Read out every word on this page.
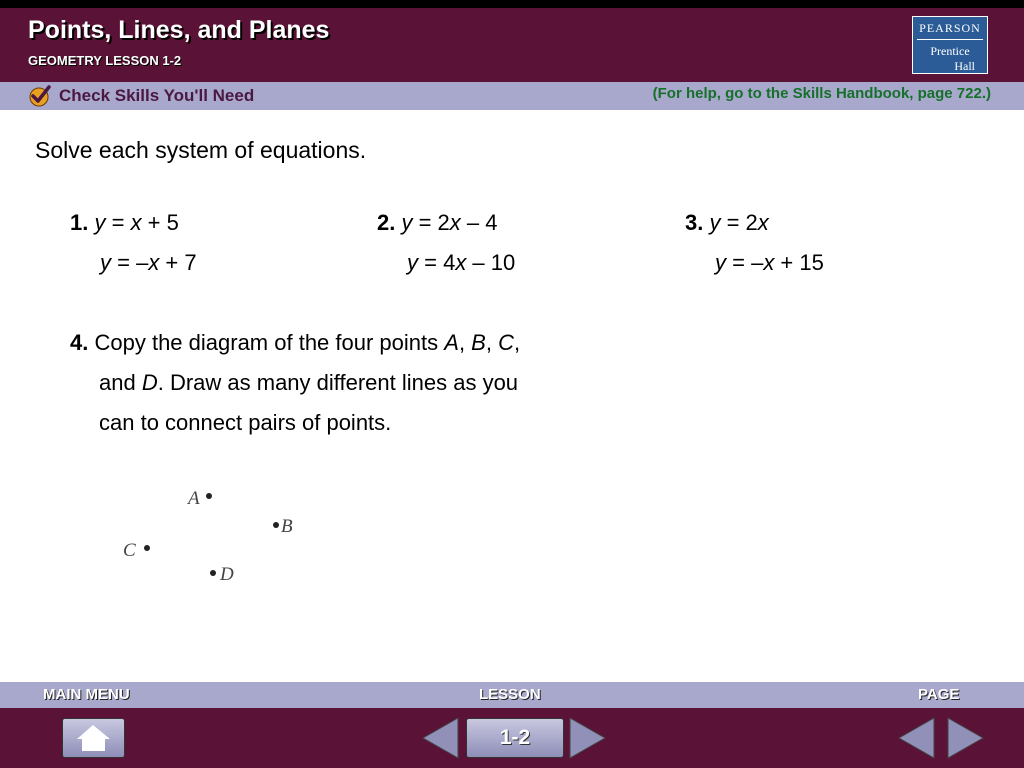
Points, Lines, and Planes
GEOMETRY LESSON 1-2
PEARSON
Prentice
Hall
Check Skills You'll Need	(For help, go to the Skills Handbook, page 722.)
Solve each system of equations.
1. y = x + 5
y = –x + 7
2. y = 2x – 4
y = 4x – 10
3. y = 2x
y = –x + 15
4. Copy the diagram of the four points A, B, C,
and D. Draw as many different lines as you
can to connect pairs of points.
A
B
C
D
MAIN MENU	LESSON	PAGE
1-2
